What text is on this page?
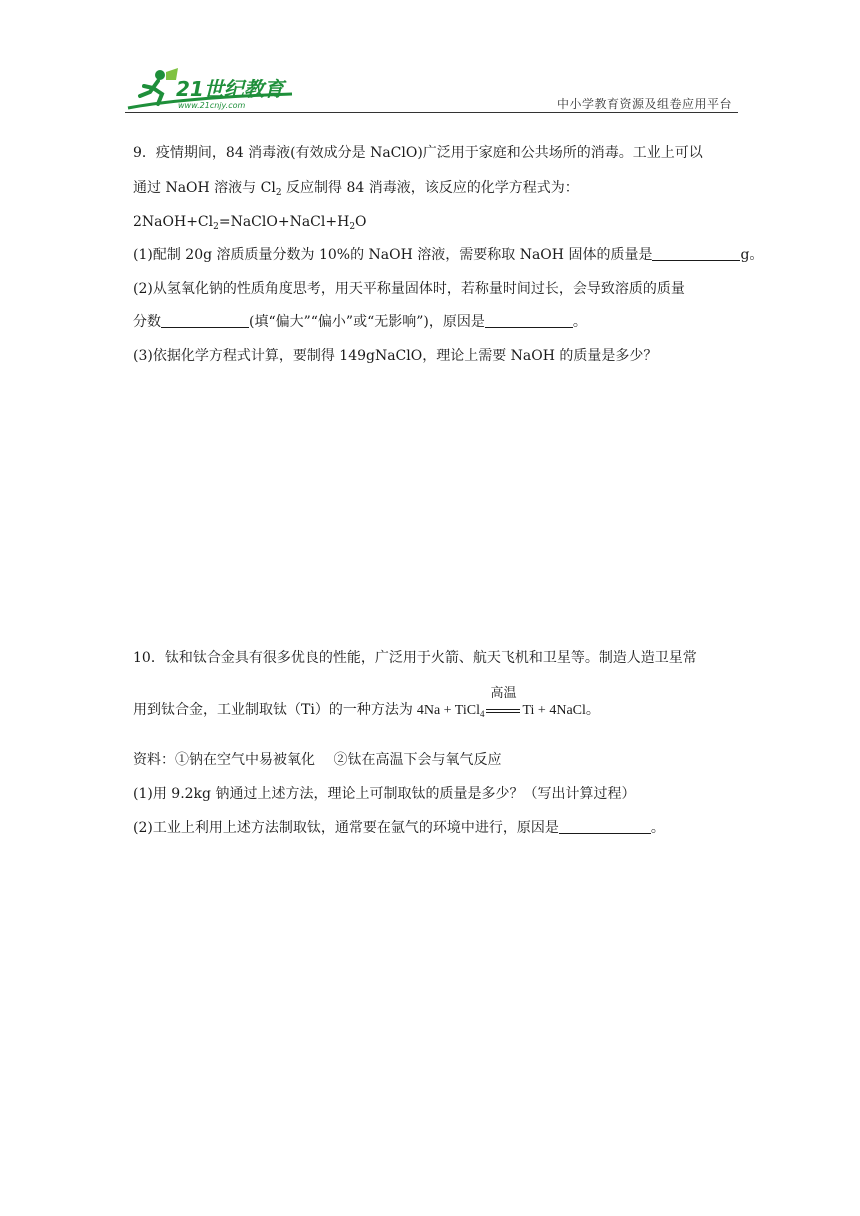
21世纪教育
www.21cnjy.com	中小学教育资源及组卷应用平台
9．疫情期间，84 消毒液(有效成分是 NaClO)广泛用于家庭和公共场所的消毒。工业上可以
通过 NaOH 溶液与 $Cl_2$ 反应制得 84 消毒液，该反应的化学方程式为：
$2NaOH+Cl_2=NaClO+NaCl+H_2O$
(1)配制 20g 溶质质量分数为 10%的 NaOH 溶液，需要称取 NaOH 固体的质量是	g。
(2)从氢氧化钠的性质角度思考，用天平称量固体时，若称量时间过长，会导致溶质的质量
分数	(填“偏大”“偏小”或“无影响”)，原因是	。
(3)依据化学方程式计算，要制得 149gNaClO，理论上需要 NaOH 的质量是多少？
10．钛和钛合金具有很多优良的性能，广泛用于火箭、航天飞机和卫星等。制造人造卫星常
用到钛合金，工业制取钛（Ti）的一种方法为 4Na + TiCl$_4$
高温
Ti + 4NaCl。
资料：①钠在空气中易被氧化　 ②钛在高温下会与氧气反应
(1)用 9.2kg 钠通过上述方法，理论上可制取钛的质量是多少？（写出计算过程）
(2)工业上利用上述方法制取钛，通常要在氩气的环境中进行，原因是	。
